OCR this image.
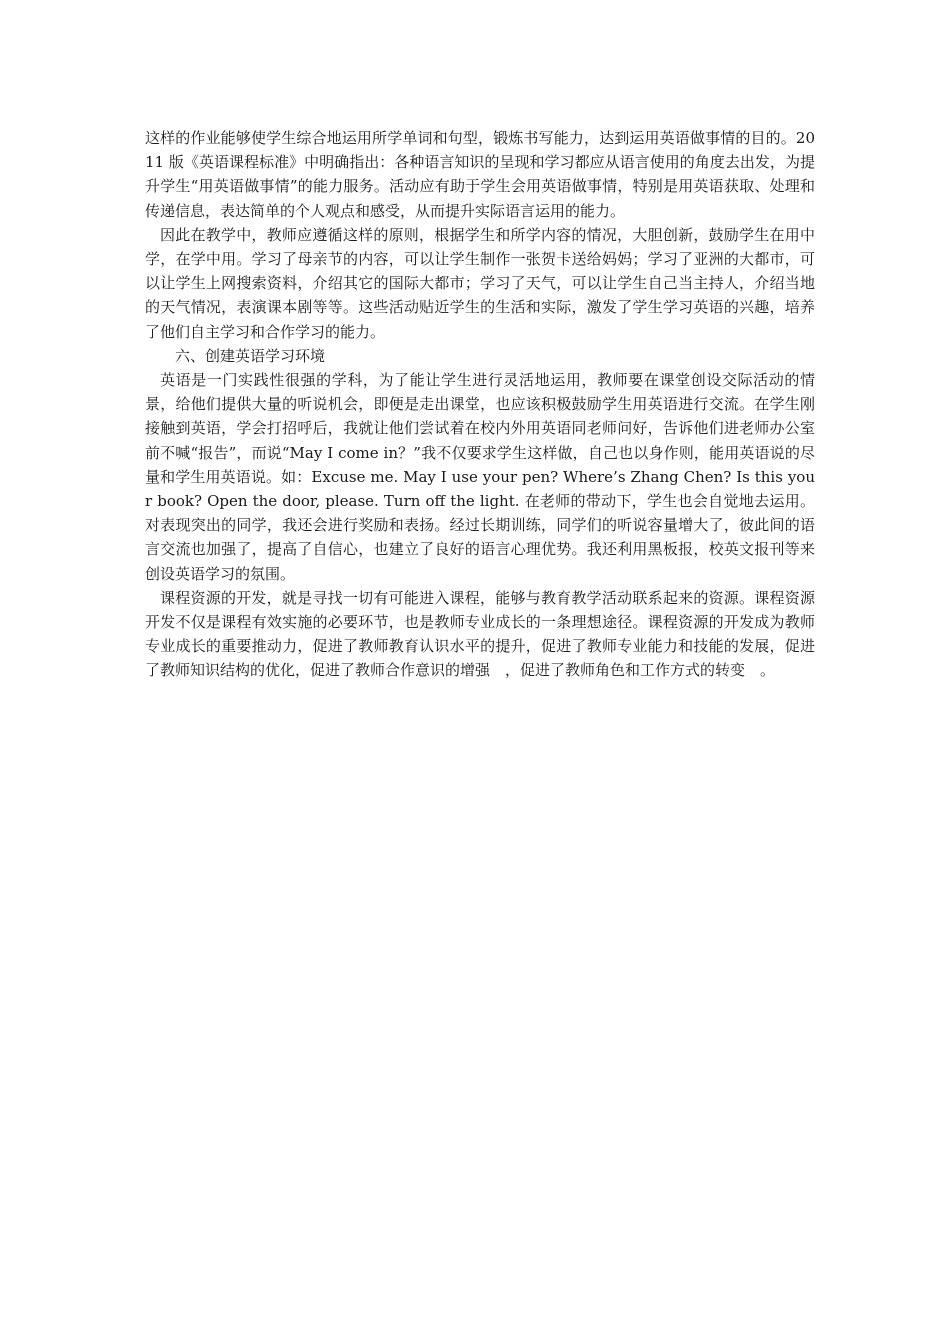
这样的作业能够使学生综合地运用所学单词和句型，锻炼书写能力，达到运用英语做事情的目的。2011 版《英语课程标准》中明确指出：各种语言知识的呈现和学习都应从语言使用的角度去出发，为提升学生“用英语做事情”的能力服务。活动应有助于学生会用英语做事情，特别是用英语获取、处理和传递信息，表达简单的个人观点和感受，从而提升实际语言运用的能力。

因此在教学中，教师应遵循这样的原则，根据学生和所学内容的情况，大胆创新，鼓励学生在用中学，在学中用。学习了母亲节的内容，可以让学生制作一张贺卡送给妈妈；学习了亚洲的大都市，可以让学生上网搜索资料，介绍其它的国际大都市；学习了天气，可以让学生自己当主持人，介绍当地的天气情况，表演课本剧等等。这些活动贴近学生的生活和实际，激发了学生学习英语的兴趣，培养了他们自主学习和合作学习的能力。

六、创建英语学习环境

英语是一门实践性很强的学科，为了能让学生进行灵活地运用，教师要在课堂创设交际活动的情景，给他们提供大量的听说机会，即便是走出课堂，也应该积极鼓励学生用英语进行交流。在学生刚接触到英语，学会打招呼后，我就让他们尝试着在校内外用英语同老师问好，告诉他们进老师办公室前不喊“报告”，而说“May I come in？”我不仅要求学生这样做，自己也以身作则，能用英语说的尽量和学生用英语说。如：Excuse me. May I use your pen? Where’s Zhang Chen? Is this your book? Open the door, please. Turn off the light. 在老师的带动下，学生也会自觉地去运用。对表现突出的同学，我还会进行奖励和表扬。经过长期训练，同学们的听说容量增大了，彼此间的语言交流也加强了，提高了自信心，也建立了良好的语言心理优势。我还利用黑板报，校英文报刊等来创设英语学习的氛围。

课程资源的开发，就是寻找一切有可能进入课程，能够与教育教学活动联系起来的资源。课程资源开发不仅是课程有效实施的必要环节，也是教师专业成长的一条理想途径。课程资源的开发成为教师专业成长的重要推动力，促进了教师教育认识水平的提升，促进了教师专业能力和技能的发展，促进了教师知识结构的优化，促进了教师合作意识的增强　，促进了教师角色和工作方式的转变　。
